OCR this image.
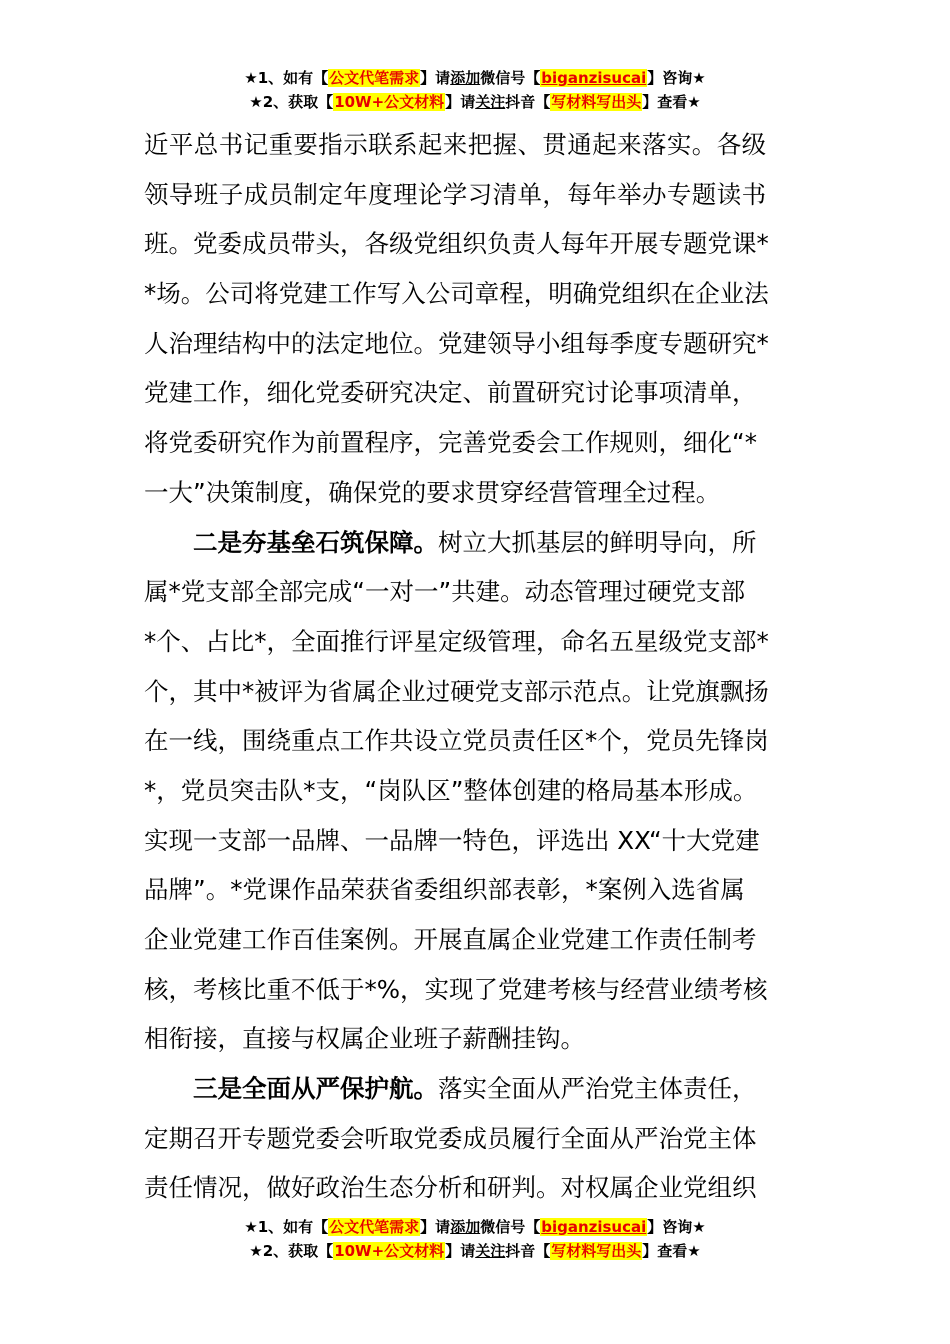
★1、如有【公文代笔需求】请添加微信号【biganzisucai】咨询★
★2、获取【10W+公文材料】请关注抖音【写材料写出头】查看★

近平总书记重要指示联系起来把握、贯通起来落实。各级

领导班子成员制定年度理论学习清单，每年举办专题读书

班。党委成员带头，各级党组织负责人每年开展专题党课*

*场。公司将党建工作写入公司章程，明确党组织在企业法

人治理结构中的法定地位。党建领导小组每季度专题研究*

党建工作，细化党委研究决定、前置研究讨论事项清单，

将党委研究作为前置程序，完善党委会工作规则，细化“*

一大”决策制度，确保党的要求贯穿经营管理全过程。

二是夯基垒石筑保障。树立大抓基层的鲜明导向，所

属*党支部全部完成“一对一”共建。动态管理过硬党支部

*个、占比*，全面推行评星定级管理，命名五星级党支部*

个，其中*被评为省属企业过硬党支部示范点。让党旗飘扬

在一线，围绕重点工作共设立党员责任区*个，党员先锋岗

*，党员突击队*支，“岗队区”整体创建的格局基本形成。

实现一支部一品牌、一品牌一特色，评选出 XX“十大党建

品牌”。*党课作品荣获省委组织部表彰，*案例入选省属

企业党建工作百佳案例。开展直属企业党建工作责任制考

核，考核比重不低于*%，实现了党建考核与经营业绩考核

相衔接，直接与权属企业班子薪酬挂钩。

三是全面从严保护航。落实全面从严治党主体责任，

定期召开专题党委会听取党委成员履行全面从严治党主体

责任情况，做好政治生态分析和研判。对权属企业党组织

★1、如有【公文代笔需求】请添加微信号【biganzisucai】咨询★
★2、获取【10W+公文材料】请关注抖音【写材料写出头】查看★
